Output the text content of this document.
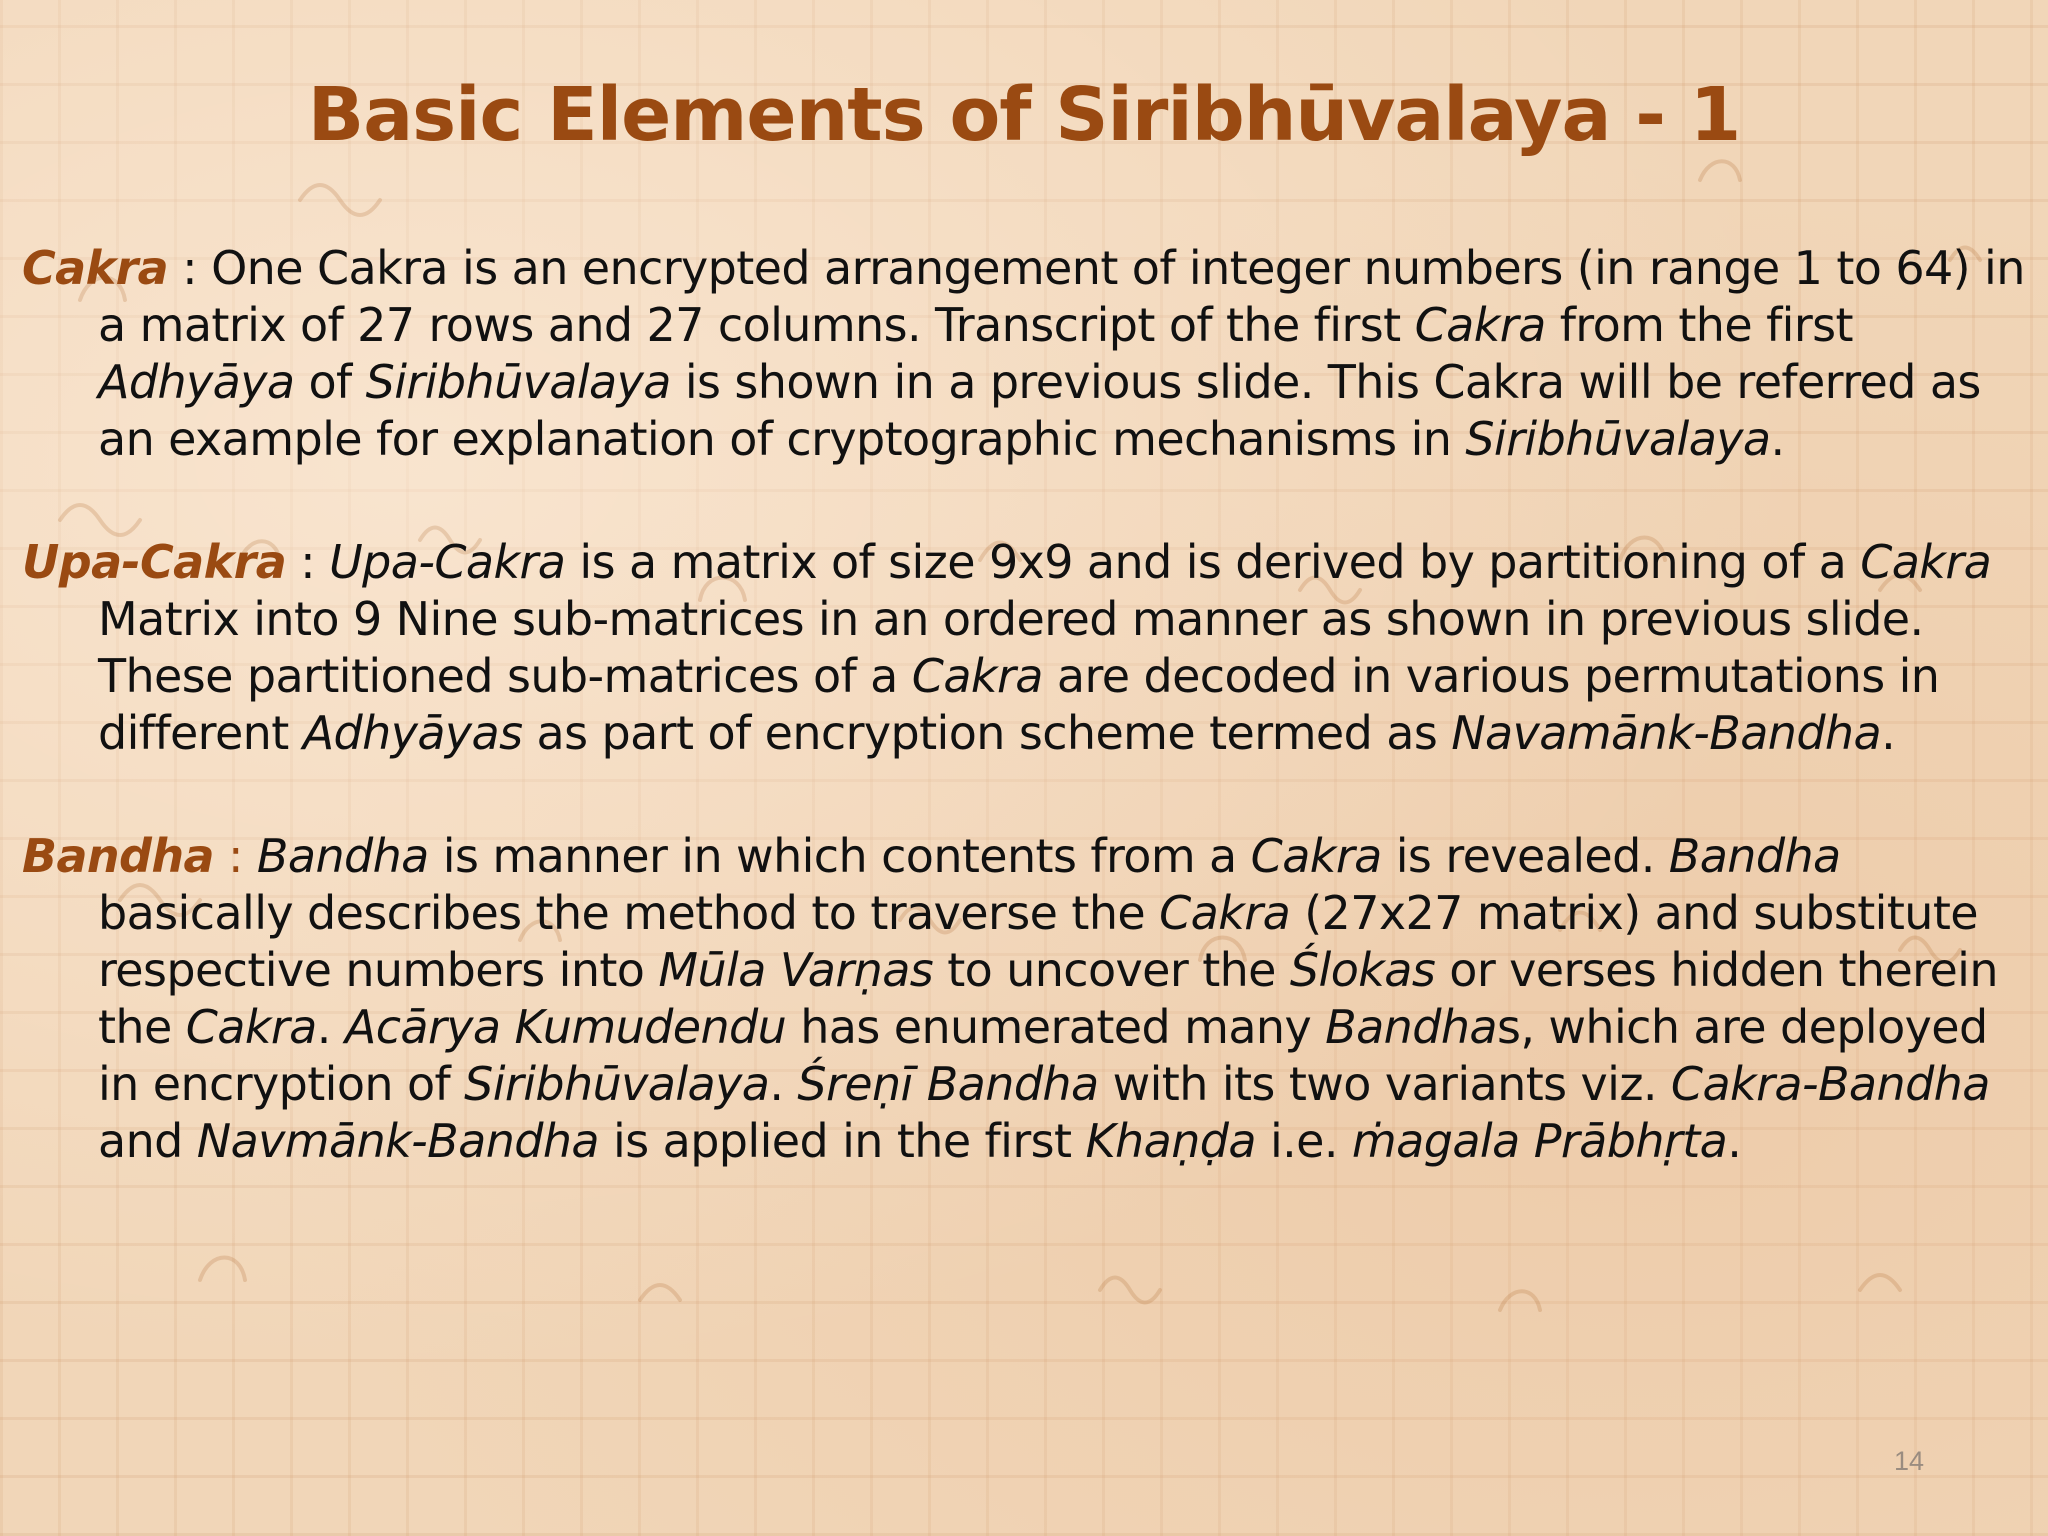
Basic Elements of Siribhūvalaya - 1

Cakra : One Cakra is an encrypted arrangement of integer numbers (in range 1 to 64) in a matrix of 27 rows and 27 columns. Transcript of the first Cakra from the first Adhyāya of Siribhūvalaya is shown in a previous slide. This Cakra will be referred as an example for explanation of cryptographic mechanisms in Siribhūvalaya.

Upa-Cakra : Upa-Cakra is a matrix of size 9x9 and is derived by partitioning of a Cakra Matrix into 9 Nine sub-matrices in an ordered manner as shown in previous slide. These partitioned sub-matrices of a Cakra are decoded in various permutations in different Adhyāyas as part of encryption scheme termed as Navamānk-Bandha.

Bandha : Bandha is manner in which contents from a Cakra is revealed. Bandha basically describes the method to traverse the Cakra (27x27 matrix) and substitute respective numbers into Mūla Varṇas to uncover the Ślokas or verses hidden therein the Cakra. Acārya Kumudendu has enumerated many Bandhas, which are deployed in encryption of Siribhūvalaya. Śreṇī Bandha with its two variants viz. Cakra-Bandha and Navmānk-Bandha is applied in the first Khaṇḍa i.e. ṁagala Prābhṛta.

14
